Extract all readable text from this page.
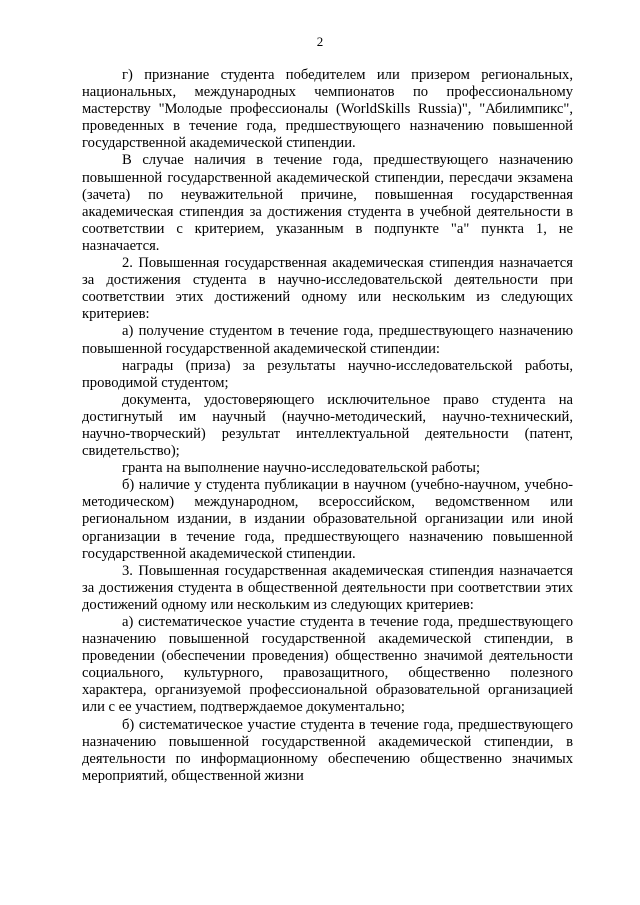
2

г) признание студента победителем или призером региональных, национальных, международных чемпионатов по профессиональному мастерству "Молодые профессионалы (WorldSkills Russia)", "Абилимпикс", проведенных в течение года, предшествующего назначению повышенной государственной академической стипендии.

В случае наличия в течение года, предшествующего назначению повышенной государственной академической стипендии, пересдачи экзамена (зачета) по неуважительной причине, повышенная государственная академическая стипендия за достижения студента в учебной деятельности в соответствии с критерием, указанным в подпункте "а" пункта 1, не назначается.

2. Повышенная государственная академическая стипендия назначается за достижения студента в научно-исследовательской деятельности при соответствии этих достижений одному или нескольким из следующих критериев:

а) получение студентом в течение года, предшествующего назначению повышенной государственной академической стипендии:

награды (приза) за результаты научно-исследовательской работы, проводимой студентом;

документа, удостоверяющего исключительное право студента на достигнутый им научный (научно-методический, научно-технический, научно-творческий) результат интеллектуальной деятельности (патент, свидетельство);

гранта на выполнение научно-исследовательской работы;

б) наличие у студента публикации в научном (учебно-научном, учебно-методическом) международном, всероссийском, ведомственном или региональном издании, в издании образовательной организации или иной организации в течение года, предшествующего назначению повышенной государственной академической стипендии.

3. Повышенная государственная академическая стипендия назначается за достижения студента в общественной деятельности при соответствии этих достижений одному или нескольким из следующих критериев:

а) систематическое участие студента в течение года, предшествующего назначению повышенной государственной академической стипендии, в проведении (обеспечении проведения) общественно значимой деятельности социального, культурного, правозащитного, общественно полезного характера, организуемой профессиональной образовательной организацией или с ее участием, подтверждаемое документально;

б) систематическое участие студента в течение года, предшествующего назначению повышенной государственной академической стипендии, в деятельности по информационному обеспечению общественно значимых мероприятий, общественной жизни
